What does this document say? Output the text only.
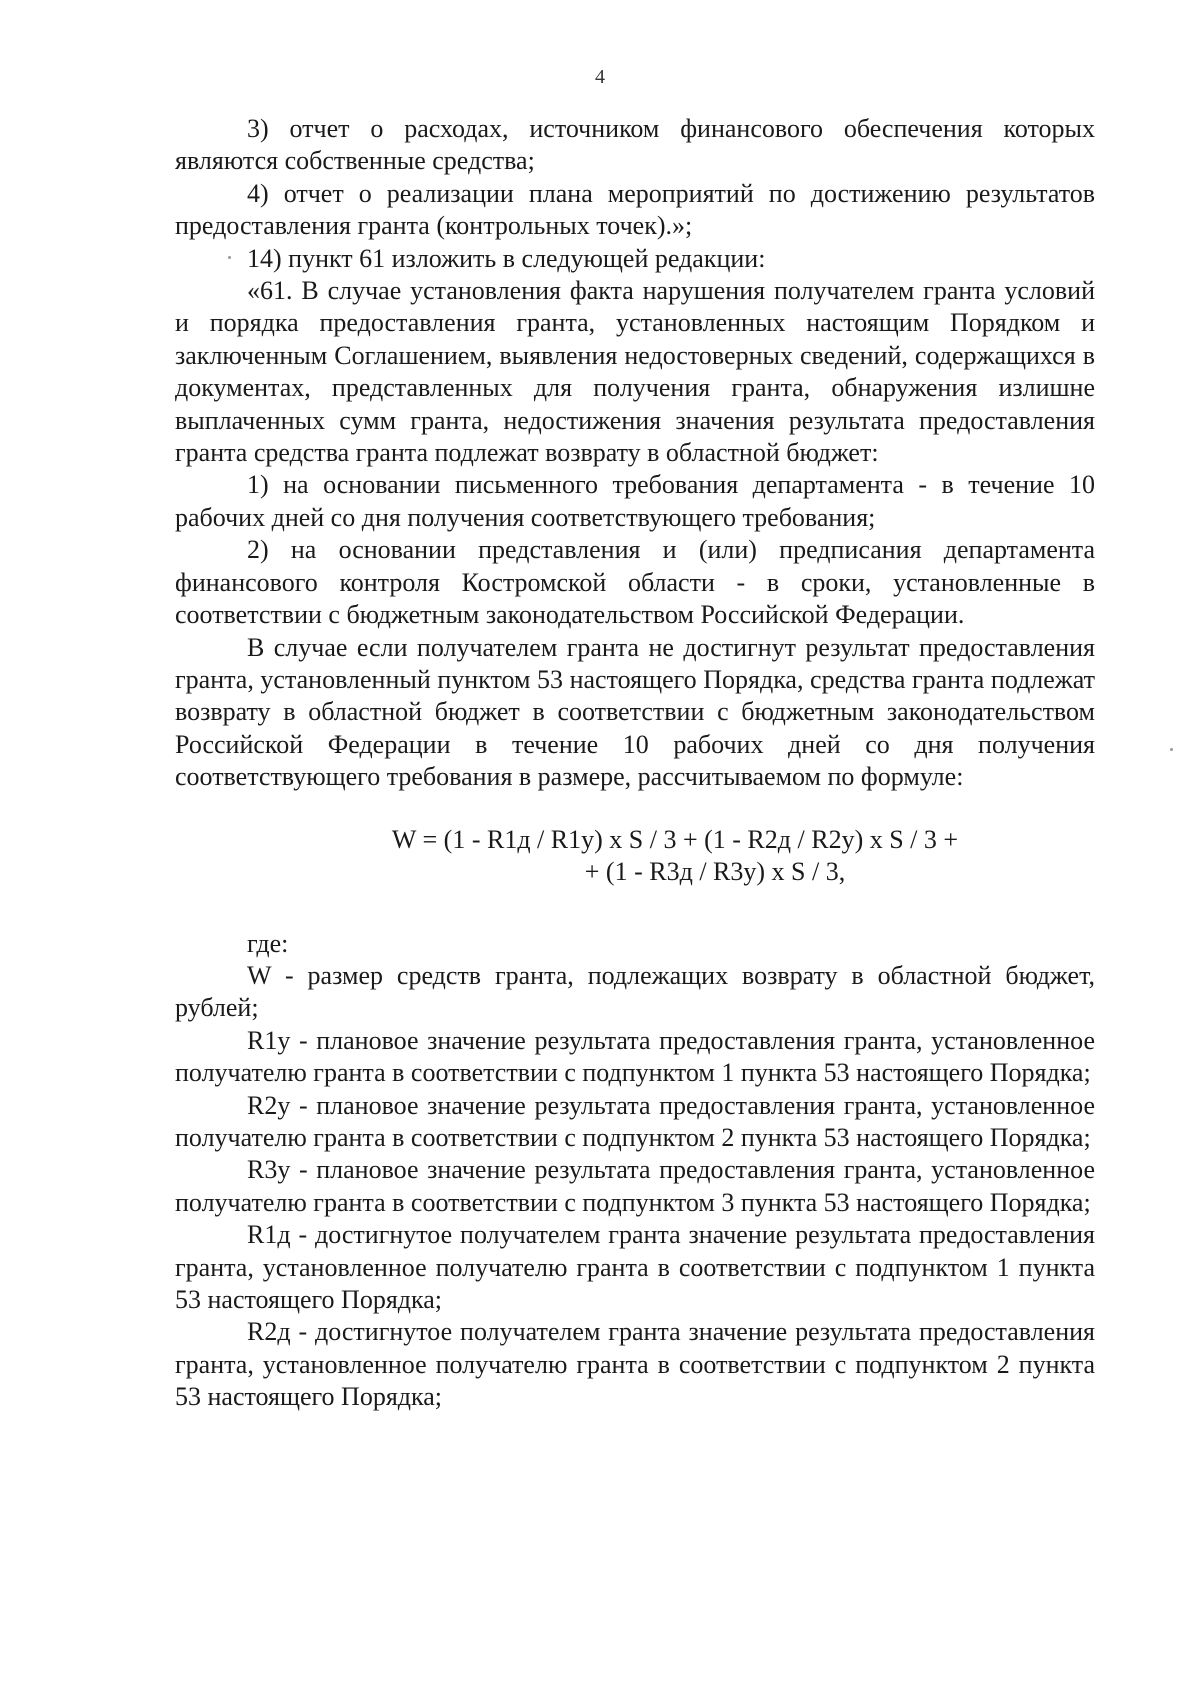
4

3) отчет о расходах, источником финансового обеспечения которых являются собственные средства;

4) отчет о реализации плана мероприятий по достижению результатов предоставления гранта (контрольных точек).»;

14) пункт 61 изложить в следующей редакции:

«61. В случае установления факта нарушения получателем гранта условий и порядка предоставления гранта, установленных настоящим Порядком и заключенным Соглашением, выявления недостоверных сведений, содержащихся в документах, представленных для получения гранта, обнаружения излишне выплаченных сумм гранта, недостижения значения результата предоставления гранта средства гранта подлежат возврату в областной бюджет:

1) на основании письменного требования департамента - в течение 10 рабочих дней со дня получения соответствующего требования;

2) на основании представления и (или) предписания департамента финансового контроля Костромской области - в сроки, установленные в соответствии с бюджетным законодательством Российской Федерации.

В случае если получателем гранта не достигнут результат предоставления гранта, установленный пунктом 53 настоящего Порядка, средства гранта подлежат возврату в областной бюджет в соответствии с бюджетным законодательством Российской Федерации в течение 10 рабочих дней со дня получения соответствующего требования в размере, рассчитываемом по формуле:

W = (1 - R1д / R1у) х S / 3 + (1 - R2д / R2у) х S / 3 +
+ (1 - R3д / R3у) х S / 3,

где:

W - размер средств гранта, подлежащих возврату в областной бюджет, рублей;

R1у - плановое значение результата предоставления гранта, установленное получателю гранта в соответствии с подпунктом 1 пункта 53 настоящего Порядка;

R2у - плановое значение результата предоставления гранта, установленное получателю гранта в соответствии с подпунктом 2 пункта 53 настоящего Порядка;

R3у - плановое значение результата предоставления гранта, установленное получателю гранта в соответствии с подпунктом 3 пункта 53 настоящего Порядка;

R1д - достигнутое получателем гранта значение результата предоставления гранта, установленное получателю гранта в соответствии с подпунктом 1 пункта 53 настоящего Порядка;

R2д - достигнутое получателем гранта значение результата предоставления гранта, установленное получателю гранта в соответствии с подпунктом 2 пункта 53 настоящего Порядка;
